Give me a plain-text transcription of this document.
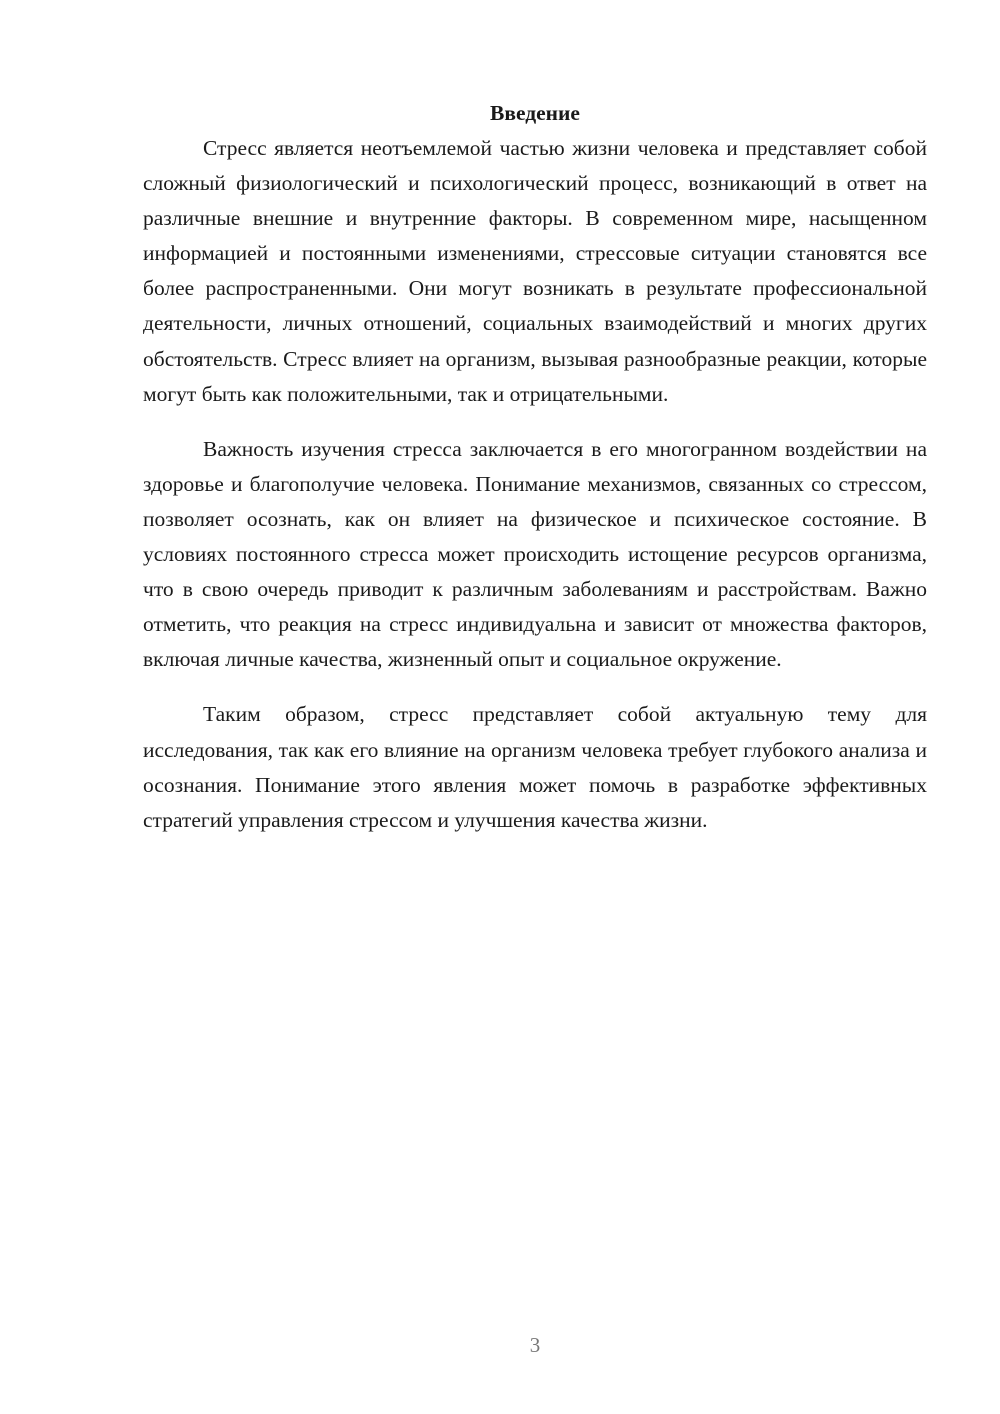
Введение

Стресс является неотъемлемой частью жизни человека и представляет собой сложный физиологический и психологический процесс, возникающий в ответ на различные внешние и внутренние факторы. В современном мире, насыщенном информацией и постоянными изменениями, стрессовые ситуации становятся все более распространенными. Они могут возникать в результате профессиональной деятельности, личных отношений, социальных взаимодействий и многих других обстоятельств. Стресс влияет на организм, вызывая разнообразные реакции, которые могут быть как положительными, так и отрицательными.

Важность изучения стресса заключается в его многогранном воздействии на здоровье и благополучие человека. Понимание механизмов, связанных со стрессом, позволяет осознать, как он влияет на физическое и психическое состояние. В условиях постоянного стресса может происходить истощение ресурсов организма, что в свою очередь приводит к различным заболеваниям и расстройствам. Важно отметить, что реакция на стресс индивидуальна и зависит от множества факторов, включая личные качества, жизненный опыт и социальное окружение.

Таким образом, стресс представляет собой актуальную тему для исследования, так как его влияние на организм человека требует глубокого анализа и осознания. Понимание этого явления может помочь в разработке эффективных стратегий управления стрессом и улучшения качества жизни.

3
